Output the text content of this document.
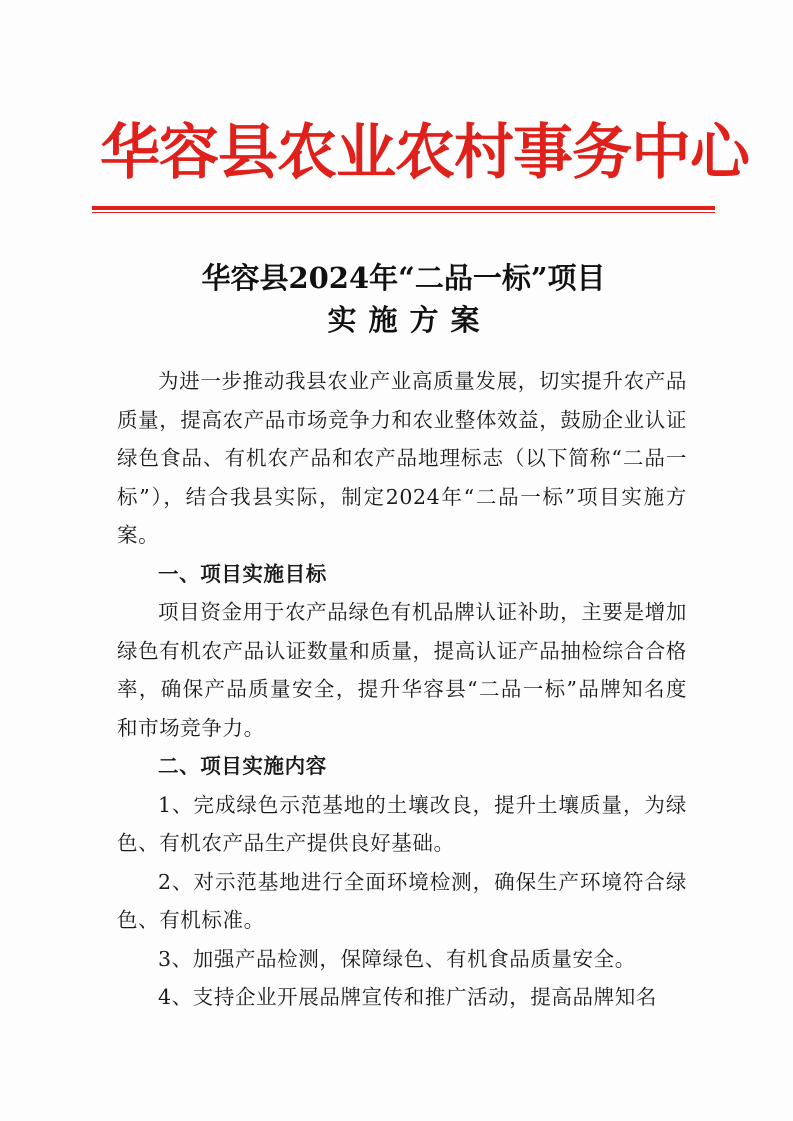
华容县农业农村事务中心
华容县2024年“二品一标”项目
实施方案

为进一步推动我县农业产业高质量发展，切实提升农产品质量，提高农产品市场竞争力和农业整体效益，鼓励企业认证绿色食品、有机农产品和农产品地理标志（以下简称“二品一标”），结合我县实际，制定2024年“二品一标”项目实施方案。

一、项目实施目标

项目资金用于农产品绿色有机品牌认证补助，主要是增加绿色有机农产品认证数量和质量，提高认证产品抽检综合合格率，确保产品质量安全，提升华容县“二品一标”品牌知名度和市场竞争力。

二、项目实施内容

1、完成绿色示范基地的土壤改良，提升土壤质量，为绿色、有机农产品生产提供良好基础。

2、对示范基地进行全面环境检测，确保生产环境符合绿色、有机标准。

3、加强产品检测，保障绿色、有机食品质量安全。

4、支持企业开展品牌宣传和推广活动，提高品牌知名
